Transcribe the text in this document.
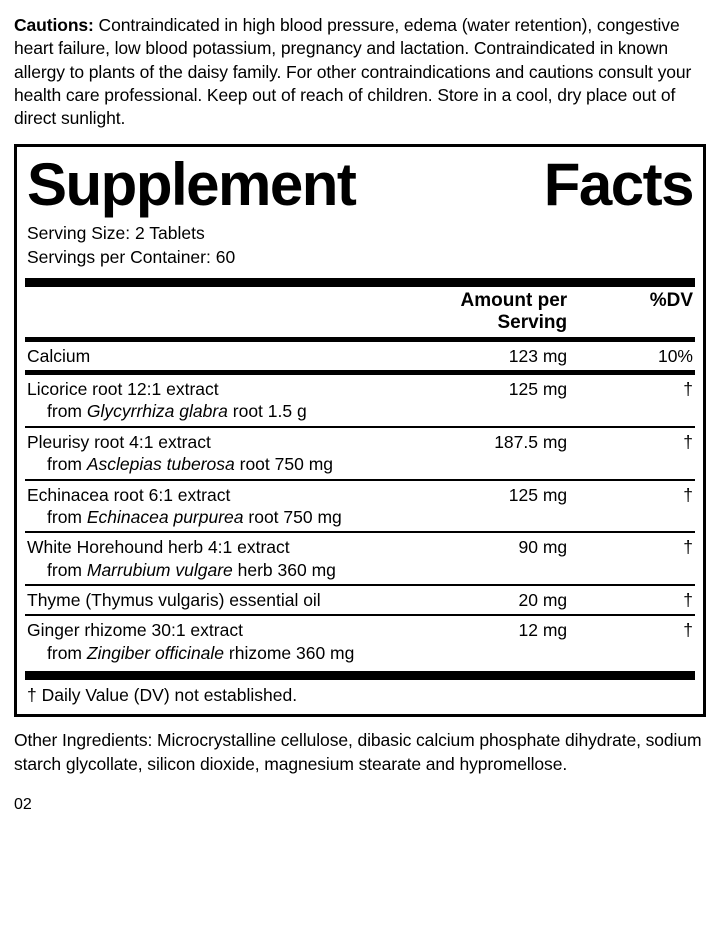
Cautions: Contraindicated in high blood pressure, edema (water retention), congestive heart failure, low blood potassium, pregnancy and lactation. Contraindicated in known allergy to plants of the daisy family. For other contraindications and cautions consult your health care professional. Keep out of reach of children. Store in a cool, dry place out of direct sunlight.

Supplement	Facts
Serving Size: 2 Tablets
Servings per Container: 60
	Amount per Serving	%DV

Calcium	123 mg	10%

Licorice root 12:1 extract
from Glycyrrhiza glabra root 1.5 g	125 mg	†

Pleurisy root 4:1 extract
from Asclepias tuberosa root 750 mg	187.5 mg	†

Echinacea root 6:1 extract
from Echinacea purpurea root 750 mg	125 mg	†

White Horehound herb 4:1 extract
from Marrubium vulgare herb 360 mg	90 mg	†

Thyme (Thymus vulgaris) essential oil	20 mg	†

Ginger rhizome 30:1 extract
from Zingiber officinale rhizome 360 mg	12 mg	†
† Daily Value (DV) not established.

Other Ingredients: Microcrystalline cellulose, dibasic calcium phosphate dihydrate, sodium starch glycollate, silicon dioxide, magnesium stearate and hypromellose.

02
